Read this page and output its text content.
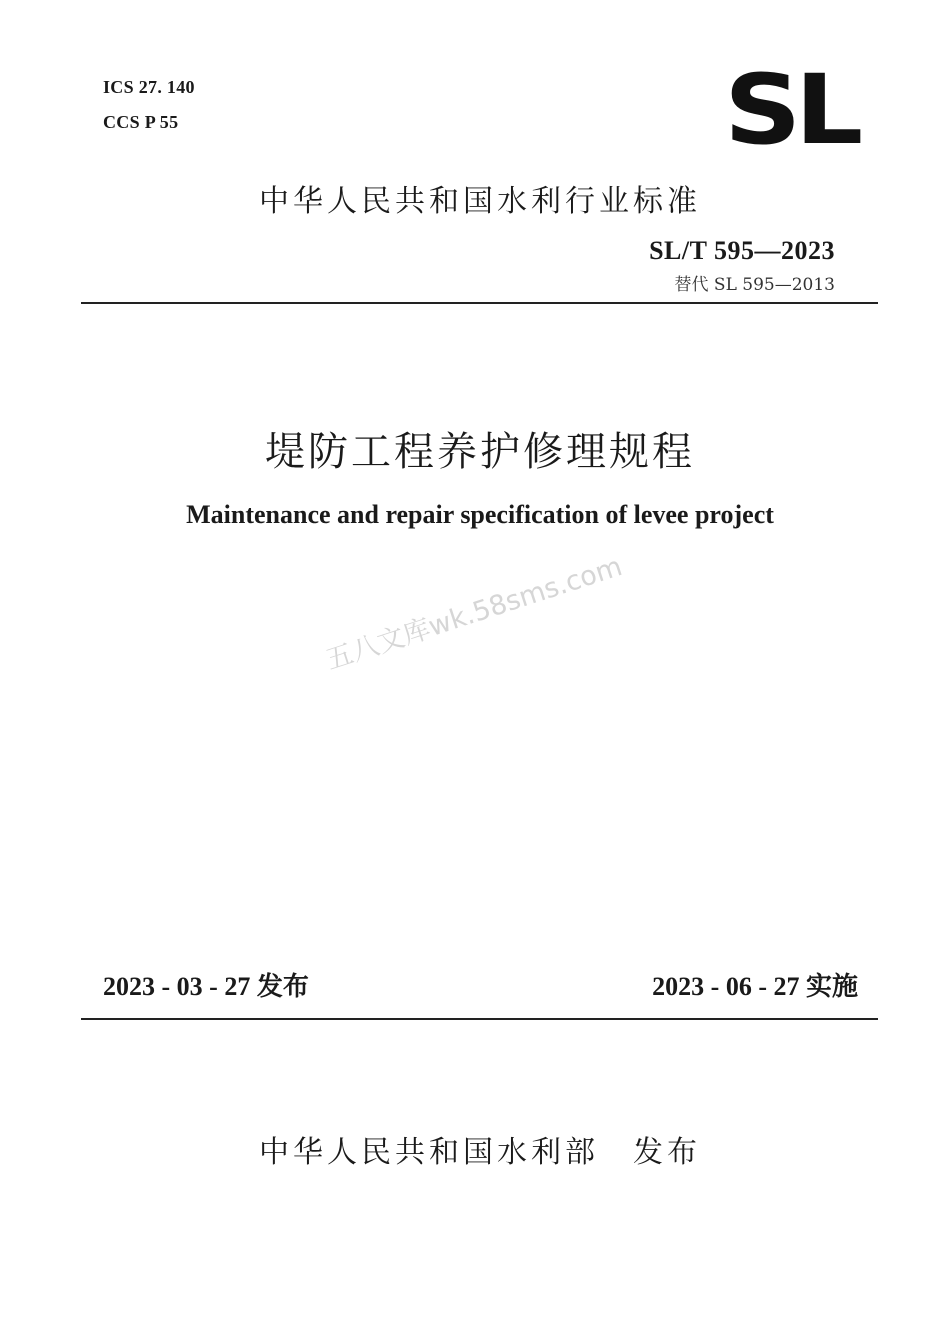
ICS 27. 140
CCS P 55	SL
中华人民共和国水利行业标准
SL/T 595—2023
替代 SL 595—2013
堤防工程养护修理规程
Maintenance and repair specification of levee project
五八文库wk.58sms.com
2023 - 03 - 27 发布	2023 - 06 - 27 实施
中华人民共和国水利部　发布
